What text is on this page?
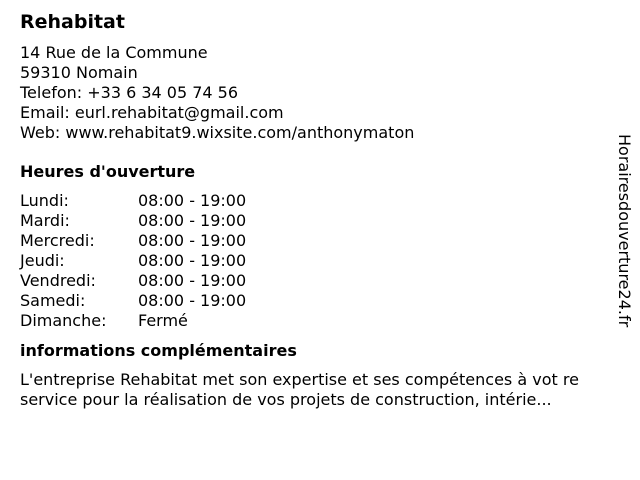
Rehabitat
14 Rue de la Commune
59310 Nomain
Telefon: +33 6 34 05 74 56
Email: eurl.rehabitat@gmail.com
Web: www.rehabitat9.wixsite.com/anthonymaton
Heures d'ouverture
Lundi:	08:00 - 19:00
Mardi:	08:00 - 19:00
Mercredi:	08:00 - 19:00
Jeudi:	08:00 - 19:00
Vendredi:	08:00 - 19:00
Samedi:	08:00 - 19:00
Dimanche:	Fermé
informations complémentaires
L'entreprise Rehabitat met son expertise et ses compétences à vot re service pour la réalisation de vos projets de construction, intérie...
Horairesdouverture24.fr
